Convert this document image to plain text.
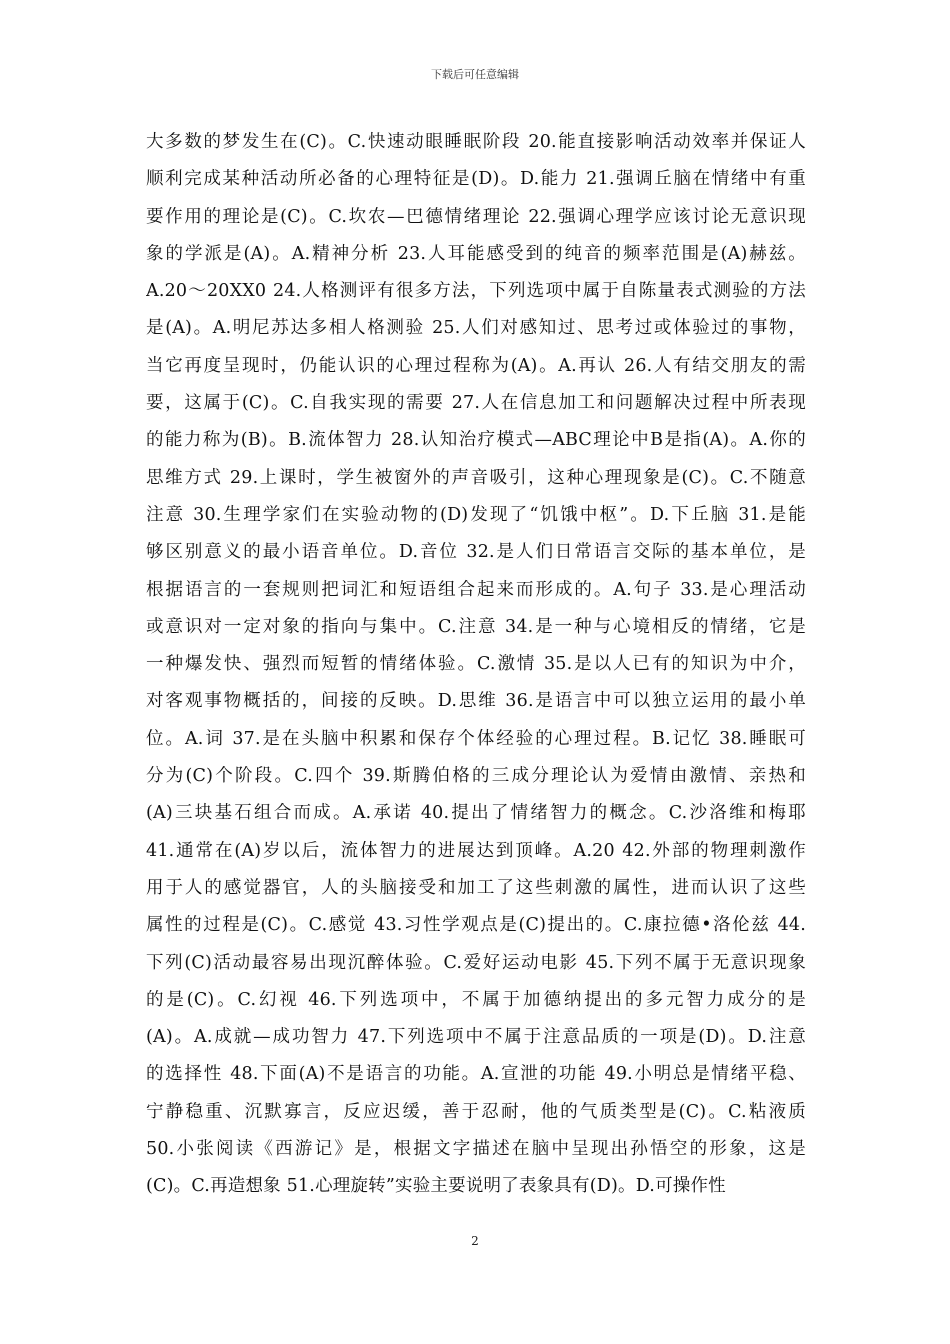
下载后可任意编辑
大多数的梦发生在(C)。C.快速动眼睡眠阶段 20.能直接影响活动效率并保证人
顺利完成某种活动所必备的心理特征是(D)。D.能力 21.强调丘脑在情绪中有重
要作用的理论是(C)。C.坎农—巴德情绪理论 22.强调心理学应该讨论无意识现
象的学派是(A)。A.精神分析 23.人耳能感受到的纯音的频率范围是(A)赫兹。
A.20～20XX0 24.人格测评有很多方法，下列选项中属于自陈量表式测验的方法
是(A)。A.明尼苏达多相人格测验 25.人们对感知过、思考过或体验过的事物，
当它再度呈现时，仍能认识的心理过程称为(A)。A.再认 26.人有结交朋友的需
要，这属于(C)。C.自我实现的需要 27.人在信息加工和问题解决过程中所表现
的能力称为(B)。B.流体智力 28.认知治疗模式—ABC理论中B是指(A)。A.你的
思维方式 29.上课时，学生被窗外的声音吸引，这种心理现象是(C)。C.不随意
注意 30.生理学家们在实验动物的(D)发现了“饥饿中枢”。D.下丘脑 31.是能
够区别意义的最小语音单位。D.音位 32.是人们日常语言交际的基本单位，是
根据语言的一套规则把词汇和短语组合起来而形成的。A.句子 33.是心理活动
或意识对一定对象的指向与集中。C.注意 34.是一种与心境相反的情绪，它是
一种爆发快、强烈而短暂的情绪体验。C.激情 35.是以人已有的知识为中介，
对客观事物概括的，间接的反映。D.思维 36.是语言中可以独立运用的最小单
位。A.词 37.是在头脑中积累和保存个体经验的心理过程。B.记忆 38.睡眠可
分为(C)个阶段。C.四个 39.斯腾伯格的三成分理论认为爱情由激情、亲热和
(A)三块基石组合而成。A.承诺 40.提出了情绪智力的概念。C.沙洛维和梅耶
41.通常在(A)岁以后，流体智力的进展达到顶峰。A.20 42.外部的物理刺激作
用于人的感觉器官，人的头脑接受和加工了这些刺激的属性，进而认识了这些
属性的过程是(C)。C.感觉 43.习性学观点是(C)提出的。C.康拉德•洛伦兹 44.
下列(C)活动最容易出现沉醉体验。C.爱好运动电影 45.下列不属于无意识现象
的是(C)。C.幻视 46.下列选项中，不属于加德纳提出的多元智力成分的是
(A)。A.成就—成功智力 47.下列选项中不属于注意品质的一项是(D)。D.注意
的选择性 48.下面(A)不是语言的功能。A.宣泄的功能 49.小明总是情绪平稳、
宁静稳重、沉默寡言，反应迟缓，善于忍耐，他的气质类型是(C)。C.粘液质
50.小张阅读《西游记》是，根据文字描述在脑中呈现出孙悟空的形象，这是
(C)。C.再造想象 51.心理旋转”实验主要说明了表象具有(D)。D.可操作性
2
